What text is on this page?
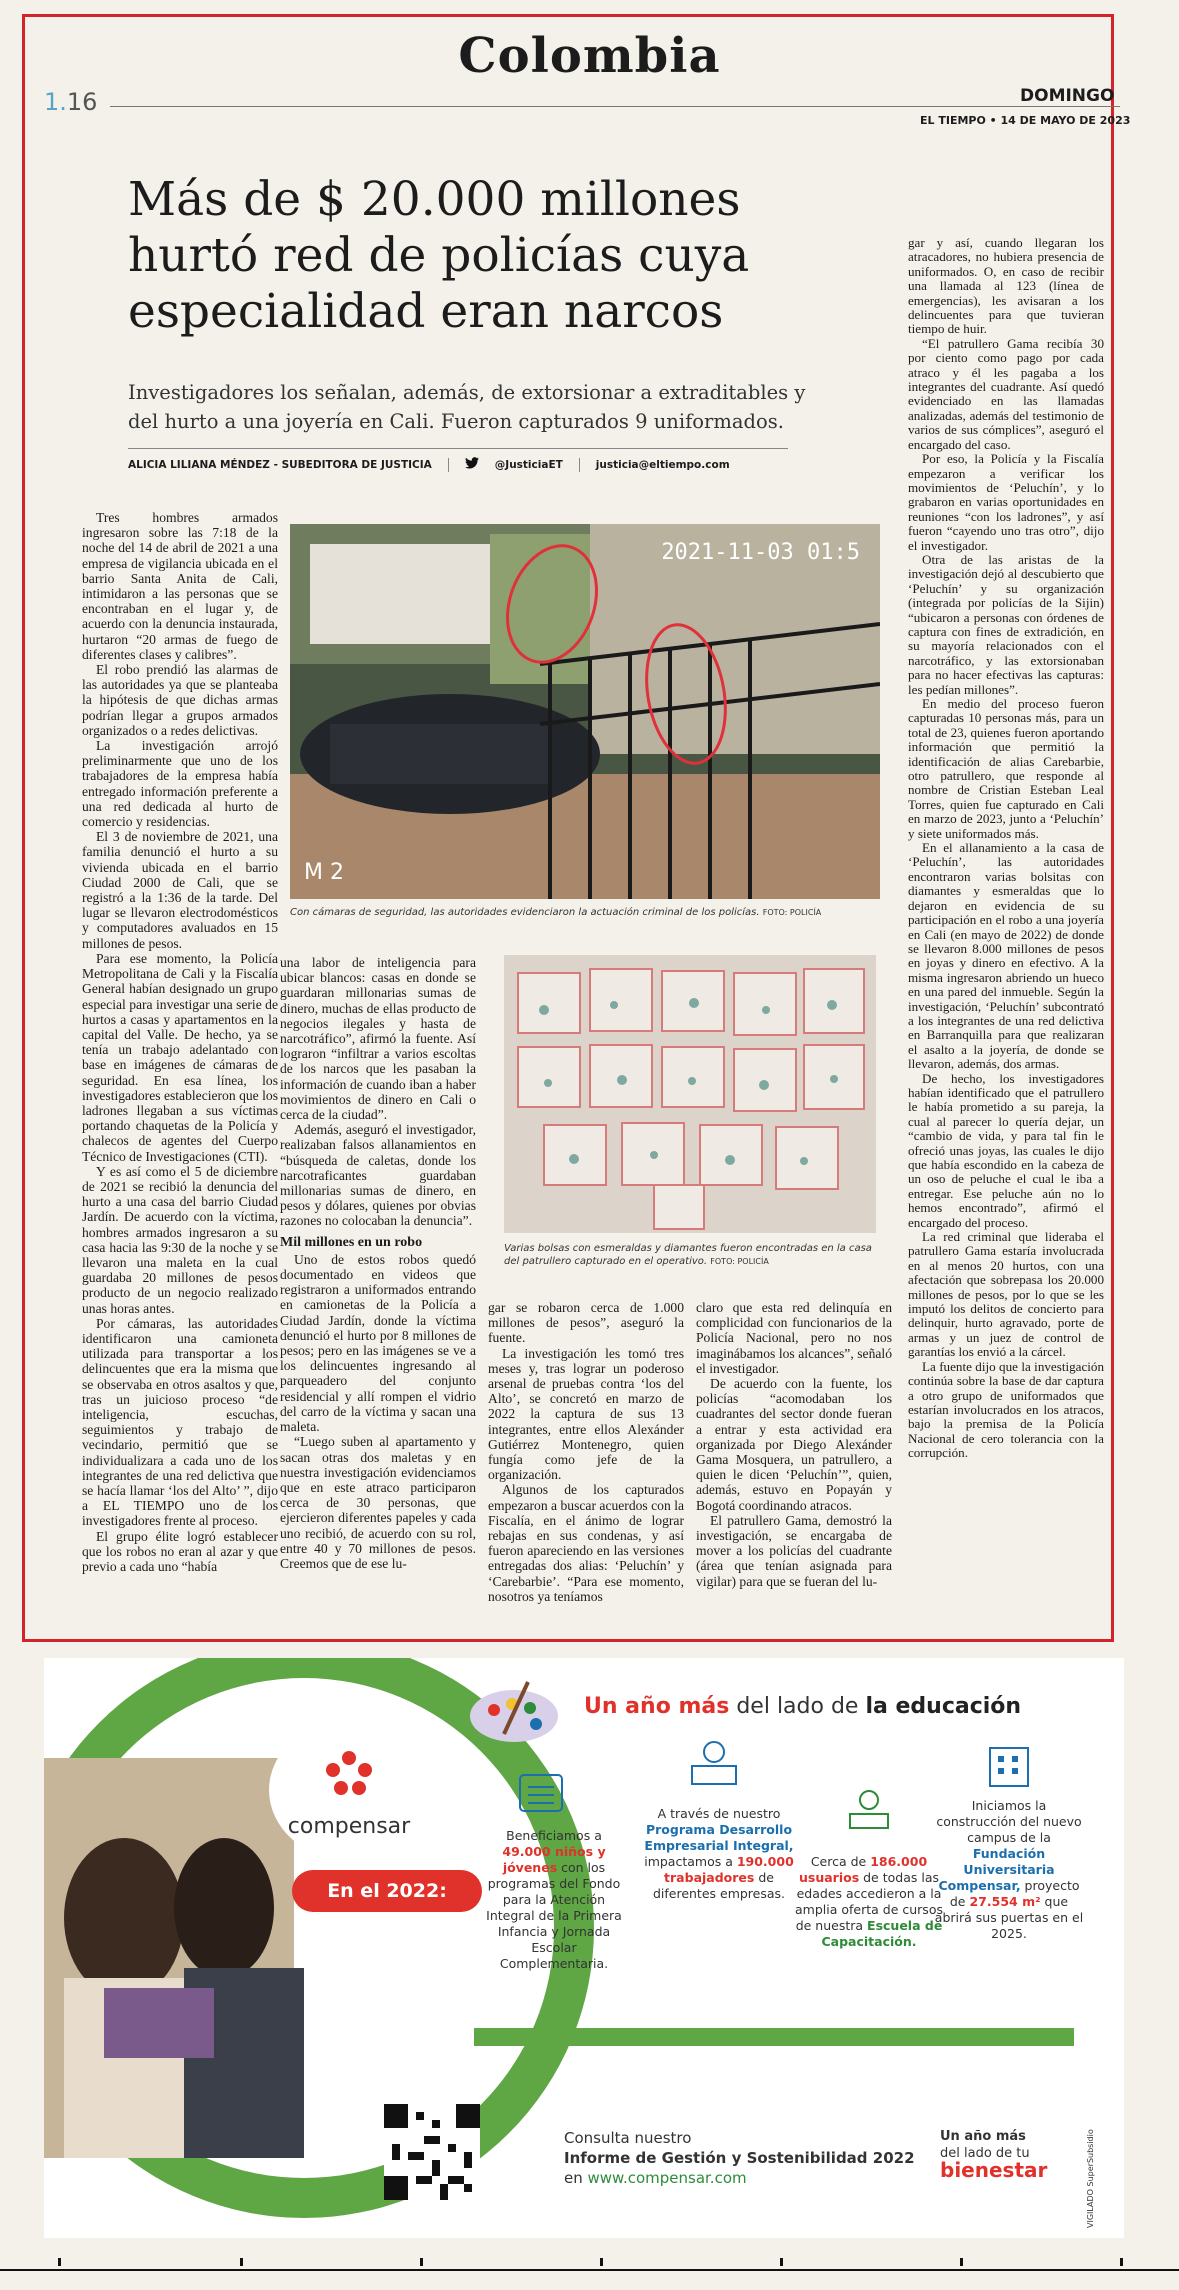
Colombia
1.16	DOMINGO
EL TIEMPO • 14 DE MAYO DE 2023
Más de $ 20.000 millones hurtó red de policías cuya especialidad eran narcos
Investigadores los señalan, además, de extorsionar a extraditables y del hurto a una joyería en Cali. Fueron capturados 9 uniformados.
ALICIA LILIANA MÉNDEZ - SUBEDITORA DE JUSTICIA	@JusticiaET	justicia@eltiempo.com

Tres hombres armados ingresaron sobre las 7:18 de la noche del 14 de abril de 2021 a una empresa de vigilancia ubicada en el barrio Santa Anita de Cali, intimidaron a las personas que se encontraban en el lugar y, de acuerdo con la denuncia instaurada, hurtaron “20 armas de fuego de diferentes clases y calibres”.

El robo prendió las alarmas de las autoridades ya que se planteaba la hipótesis de que dichas armas podrían llegar a grupos armados organizados o a redes delictivas.

La investigación arrojó preliminarmente que uno de los trabajadores de la empresa había entregado información preferente a una red dedicada al hurto de comercio y residencias.

El 3 de noviembre de 2021, una familia denunció el hurto a su vivienda ubicada en el barrio Ciudad 2000 de Cali, que se registró a la 1:36 de la tarde. Del lugar se llevaron electrodomésticos y computadores avaluados en 15 millones de pesos.

Para ese momento, la Policía Metropolitana de Cali y la Fiscalía General habían designado un grupo especial para investigar una serie de hurtos a casas y apartamentos en la capital del Valle. De hecho, ya se tenía un trabajo adelantado con base en imágenes de cámaras de seguridad. En esa línea, los investigadores establecieron que los ladrones llegaban a sus víctimas portando chaquetas de la Policía y chalecos de agentes del Cuerpo Técnico de Investigaciones (CTI).

Y es así como el 5 de diciembre de 2021 se recibió la denuncia del hurto a una casa del barrio Ciudad Jardín. De acuerdo con la víctima, hombres armados ingresaron a su casa hacia las 9:30 de la noche y se llevaron una maleta en la cual guardaba 20 millones de pesos producto de un negocio realizado unas horas antes.

Por cámaras, las autoridades identificaron una camioneta utilizada para transportar a los delincuentes que era la misma que se observaba en otros asaltos y que, tras un juicioso proceso “de inteligencia, escuchas, seguimientos y trabajo de vecindario, permitió que se individualizara a cada uno de los integrantes de una red delictiva que se hacía llamar ‘los del Alto’ ”, dijo a EL TIEMPO uno de los investigadores frente al proceso.

El grupo élite logró establecer que los robos no eran al azar y que previo a cada uno “había

2021-11-03 01:5
M 2
Con cámaras de seguridad, las autoridades evidenciaron la actuación criminal de los policías. FOTO: POLICÍA

una labor de inteligencia para ubicar blancos: casas en donde se guardaran millonarias sumas de dinero, muchas de ellas producto de negocios ilegales y hasta de narcotráfico”, afirmó la fuente. Así lograron “infiltrar a varios escoltas de los narcos que les pasaban la información de cuando iban a haber movimientos de dinero en Cali o cerca de la ciudad”.

Además, aseguró el investigador, realizaban falsos allanamientos en “búsqueda de caletas, donde los narcotraficantes guardaban millonarias sumas de dinero, en pesos y dólares, quienes por obvias razones no colocaban la denuncia”.

Mil millones en un robo

Uno de estos robos quedó documentado en videos que registraron a uniformados entrando en camionetas de la Policía a Ciudad Jardín, donde la víctima denunció el hurto por 8 millones de pesos; pero en las imágenes se ve a los delincuentes ingresando al parqueadero del conjunto residencial y allí rompen el vidrio del carro de la víctima y sacan una maleta.

“Luego suben al apartamento y sacan otras dos maletas y en nuestra investigación evidenciamos que en este atraco participaron cerca de 30 personas, que ejercieron diferentes papeles y cada uno recibió, de acuerdo con su rol, entre 40 y 70 millones de pesos. Creemos que de ese lu-

Varias bolsas con esmeraldas y diamantes fueron encontradas en la casa del patrullero capturado en el operativo. FOTO: POLICÍA

gar se robaron cerca de 1.000 millones de pesos”, aseguró la fuente.

La investigación les tomó tres meses y, tras lograr un poderoso arsenal de pruebas contra ‘los del Alto’, se concretó en marzo de 2022 la captura de sus 13 integrantes, entre ellos Alexánder Gutiérrez Montenegro, quien fungía como jefe de la organización.

Algunos de los capturados empezaron a buscar acuerdos con la Fiscalía, en el ánimo de lograr rebajas en sus condenas, y así fueron apareciendo en las versiones entregadas dos alias: ‘Peluchín’ y ‘Carebarbie’. “Para ese momento, nosotros ya teníamos

claro que esta red delinquía en complicidad con funcionarios de la Policía Nacional, pero no nos imaginábamos los alcances”, señaló el investigador.

De acuerdo con la fuente, los policías “acomodaban los cuadrantes del sector donde fueran a entrar y esta actividad era organizada por Diego Alexánder Gama Mosquera, un patrullero, a quien le dicen ‘Peluchín’”, quien, además, estuvo en Popayán y Bogotá coordinando atracos.

El patrullero Gama, demostró la investigación, se encargaba de mover a los policías del cuadrante (área que tenían asignada para vigilar) para que se fueran del lu-

gar y así, cuando llegaran los atracadores, no hubiera presencia de uniformados. O, en caso de recibir una llamada al 123 (línea de emergencias), les avisaran a los delincuentes para que tuvieran tiempo de huir.

“El patrullero Gama recibía 30 por ciento como pago por cada atraco y él les pagaba a los integrantes del cuadrante. Así quedó evidenciado en las llamadas analizadas, además del testimonio de varios de sus cómplices”, aseguró el encargado del caso.

Por eso, la Policía y la Fiscalía empezaron a verificar los movimientos de ‘Peluchín’, y lo grabaron en varias oportunidades en reuniones “con los ladrones”, y así fueron “cayendo uno tras otro”, dijo el investigador.

Otra de las aristas de la investigación dejó al descubierto que ‘Peluchín’ y su organización (integrada por policías de la Sijin) “ubicaron a personas con órdenes de captura con fines de extradición, en su mayoría relacionados con el narcotráfico, y las extorsionaban para no hacer efectivas las capturas: les pedían millones”.

En medio del proceso fueron capturadas 10 personas más, para un total de 23, quienes fueron aportando información que permitió la identificación de alias Carebarbie, otro patrullero, que responde al nombre de Cristian Esteban Leal Torres, quien fue capturado en Cali en marzo de 2023, junto a ‘Peluchín’ y siete uniformados más.

En el allanamiento a la casa de ‘Peluchín’, las autoridades encontraron varias bolsitas con diamantes y esmeraldas que lo dejaron en evidencia de su participación en el robo a una joyería en Cali (en mayo de 2022) de donde se llevaron 8.000 millones de pesos en joyas y dinero en efectivo. A la misma ingresaron abriendo un hueco en una pared del inmueble. Según la investigación, ‘Peluchín’ subcontrató a los integrantes de una red delictiva en Barranquilla para que realizaran el asalto a la joyería, de donde se llevaron, además, dos armas.

De hecho, los investigadores habían identificado que el patrullero le había prometido a su pareja, la cual al parecer lo quería dejar, un “cambio de vida, y para tal fin le ofreció unas joyas, las cuales le dijo que había escondido en la cabeza de un oso de peluche el cual le iba a entregar. Ese peluche aún no lo hemos encontrado”, afirmó el encargado del proceso.

La red criminal que lideraba el patrullero Gama estaría involucrada en al menos 20 hurtos, con una afectación que sobrepasa los 20.000 millones de pesos, por lo que se les imputó los delitos de concierto para delinquir, hurto agravado, porte de armas y un juez de control de garantías los envió a la cárcel.

La fuente dijo que la investigación continúa sobre la base de dar captura a otro grupo de uniformados que estarían involucrados en los atracos, bajo la premisa de la Policía Nacional de cero tolerancia con la corrupción.

Un año más del lado de la educación
compensar
En el 2022:
Beneficiamos a 49.000 niños y jóvenes con los programas del Fondo para la Atención Integral de la Primera Infancia y Jornada Escolar Complementaria.
A través de nuestro Programa Desarrollo Empresarial Integral, impactamos a 190.000 trabajadores de diferentes empresas.
Cerca de 186.000 usuarios de todas las edades accedieron a la amplia oferta de cursos de nuestra Escuela de Capacitación.
Iniciamos la construcción del nuevo campus de la Fundación Universitaria Compensar, proyecto de 27.554 m² que abrirá sus puertas en el 2025.
Consulta nuestro
Informe de Gestión y Sostenibilidad 2022
en www.compensar.com
Un año más
del lado de tu
bienestar	VIGILADO SuperSubsidio
